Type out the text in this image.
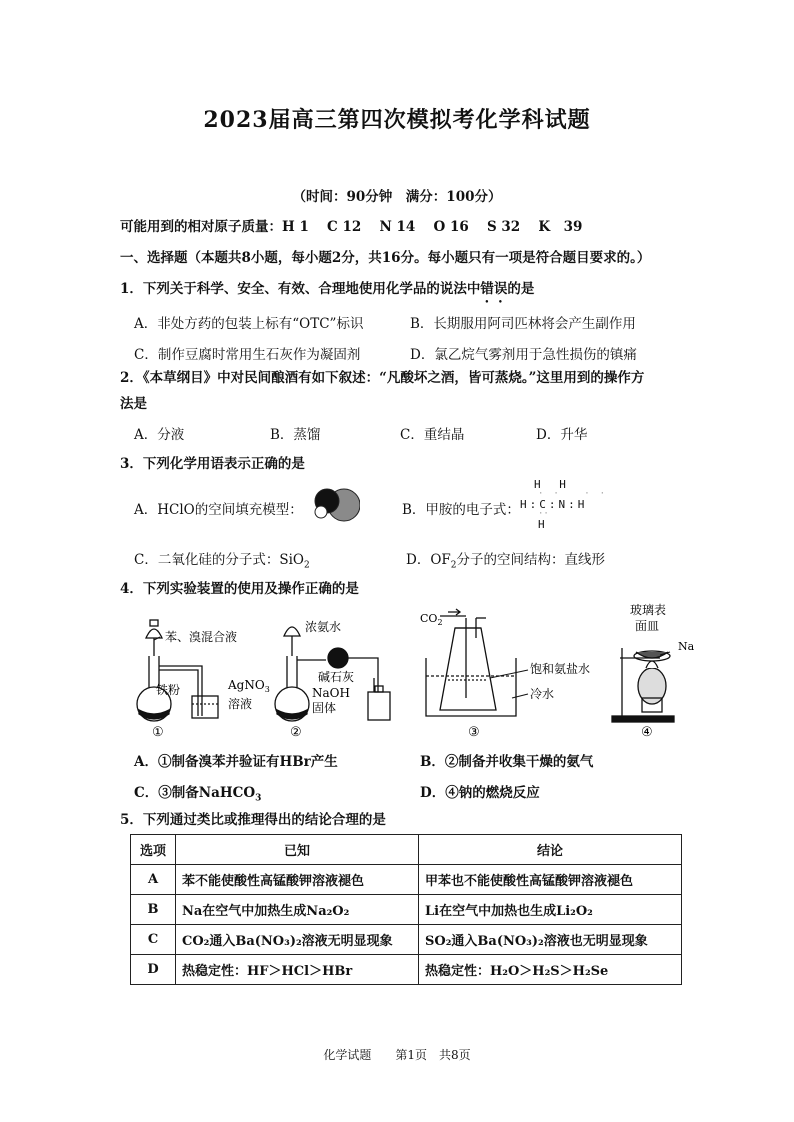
2023届高三第四次模拟考化学科试题
（时间：90分钟　满分：100分）
可能用到的相对原子质量：H 1　 C 12　 N 14　 O 16　 S 32　 K　39
一、选择题（本题共8小题，每小题2分，共16分。每小题只有一项是符合题目要求的。）
1．下列关于科学、安全、有效、合理地使用化学品的说法中错误的是
A．非处方药的包装上标有“OTC”标识	B．长期服用阿司匹林将会产生副作用
C．制作豆腐时常用生石灰作为凝固剂	D．氯乙烷气雾剂用于急性损伤的镇痛
2．《本草纲目》中对民间酿酒有如下叙述：“凡酸坏之酒，皆可蒸烧。”这里用到的操作方
法是
A．分液	B．蒸馏	C．重结晶	D．升华
3．下列化学用语表示正确的是
A．HClO的空间填充模型：	B．甲胺的电子式：
H H
·· ··
H:C:N:H
··
H
C．二氧化硅的分子式：SiO$_2$	D．$OF_2$分子的空间结构：直线形
4．下列实验装置的使用及操作正确的是
苯、溴混合液
铁粉	AgNO$_3$
溶液
①
浓氨水
碱石灰
NaOH
固体
②
$CO_2$
饱和氨盐水
冷水
③
玻璃表
面皿
Na
④
A．①制备溴苯并验证有HBr产生	B．②制备并收集干燥的氨气
C．③制备NaHCO$_3$	D．④钠的燃烧反应
5．下列通过类比或推理得出的结论合理的是
选项	已知	结论
A	苯不能使酸性高锰酸钾溶液褪色	甲苯也不能使酸性高锰酸钾溶液褪色
B	Na在空气中加热生成Na₂O₂	Li在空气中加热也生成Li₂O₂
C	CO₂通入Ba(NO₃)₂溶液无明显现象	SO₂通入Ba(NO₃)₂溶液也无明显现象
D	热稳定性：HF＞HCl＞HBr	热稳定性：H₂O＞H₂S＞H₂Se
化学试题　　第1页　共8页
